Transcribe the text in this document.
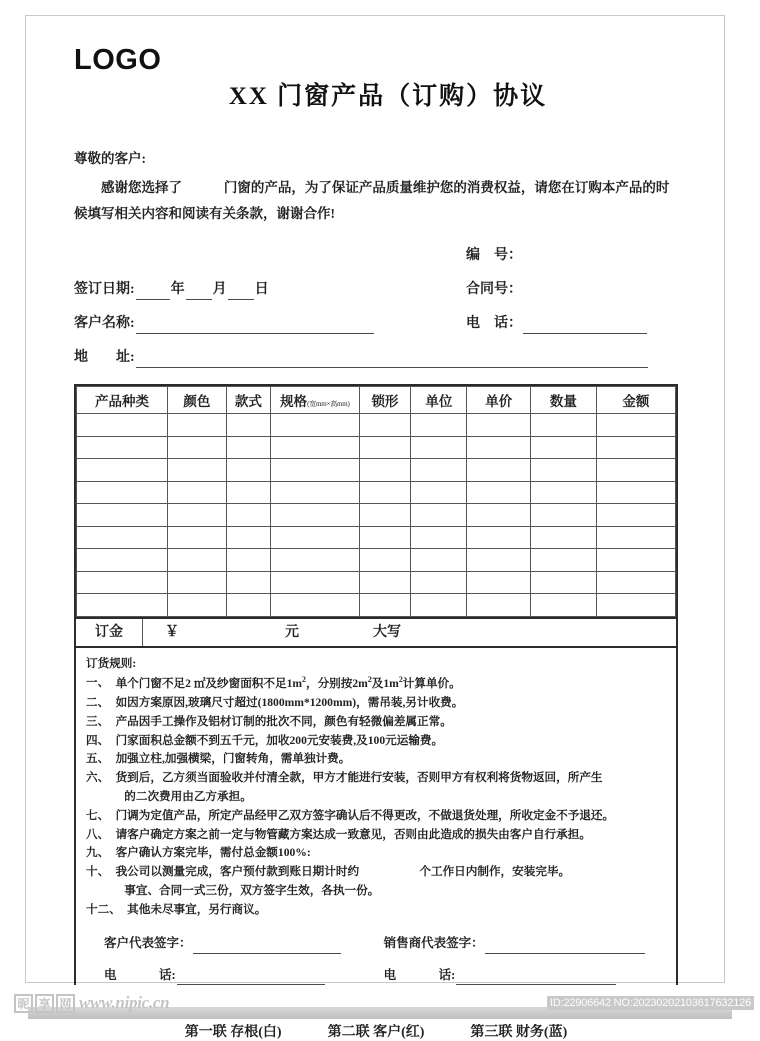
LOGO
XX 门窗产品（订购）协议
尊敬的客户:
感谢您选择了	门窗的产品，为了保证产品质量维护您的消费权益，请您在订购本产品的时候填写相关内容和阅读有关条款，谢谢合作!
编　号：
签订日期:	年 月 日	合同号：
客户名称:	电　话：
地　　址:
产品种类	颜色	款式	规格(宽mm×高mm)	锁形	单位	单价	数量	金额

订金	￥	元	大写
订货规则:
一、 单个门窗不足2 ㎡及纱窗面积不足$1m^2$，分别按$2m^2$及$1m^2$计算单价。
二、 如因方案原因,玻璃尺寸超过(1800mm*1200mm)，需吊装,另计收费。
三、 产品因手工操作及铝材订制的批次不同，颜色有轻微偏差属正常。
四、 门家面积总金额不到五千元，加收200元安装费,及100元运输费。
五、 加强立柱,加强横梁，门窗转角，需单独计费。
六、 货到后，乙方须当面验收并付清全款，甲方才能进行安装，否则甲方有权利将货物返回，所产生
的二次费用由乙方承担。
七、 门调为定值产品，所定产品经甲乙双方签字确认后不得更改，不做退货处理，所收定金不予退还。
八、 请客户确定方案之前一定与物管藏方案达成一致意见，否则由此造成的损失由客户自行承担。
九、 客户确认方案完毕，需付总金额100%:
十、 我公司以测量完成，客户预付款到账日期计时约	个工作日内制作，安装完毕。
事宜、合同一式三份，双方签字生效，各执一份。
十二、 其他未尽事宜，另行商议。
客户代表签字：	销售商代表签字：
电	话:	电	话:
第一联 存根(白)	第二联 客户(红)	第三联 财务(蓝)
昵 享 网 www.nipic.cn	ID:22906642 NO:20230202103617632126
